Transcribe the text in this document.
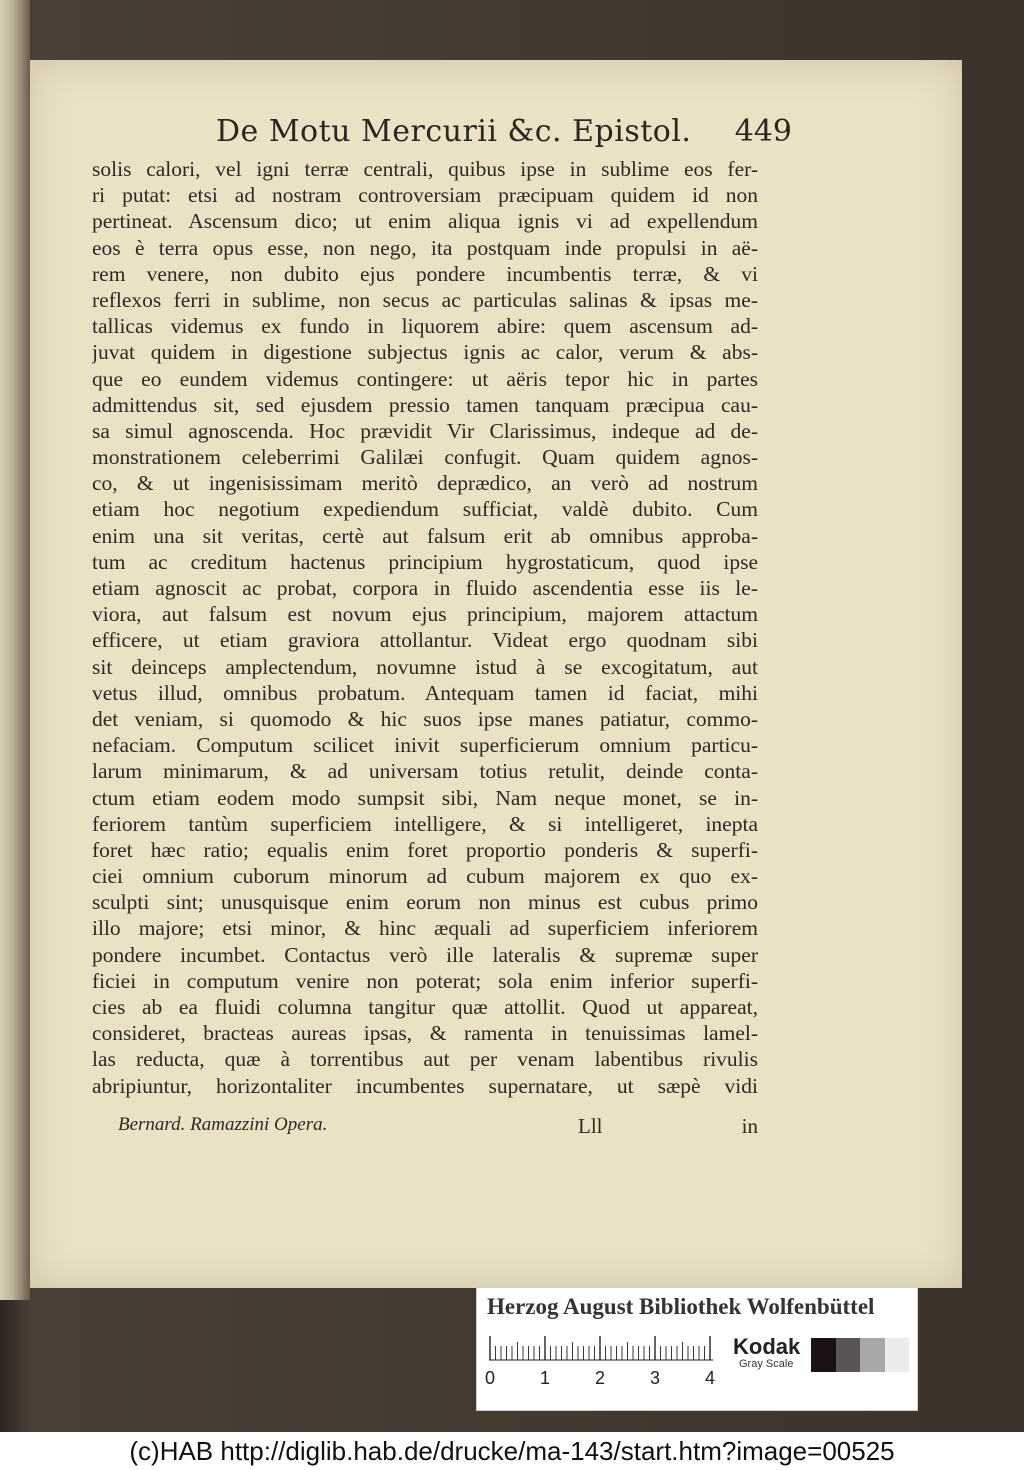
De Motu Mercurii &c. Epistol. 449
solis calori, vel igni terræ centrali, quibus ipse in sublime eos fer-
ri putat: etsi ad nostram controversiam præcipuam quidem id non
pertineat. Ascensum dico; ut enim aliqua ignis vi ad expellendum
eos è terra opus esse, non nego, ita postquam inde propulsi in aë-
rem venere, non dubito ejus pondere incumbentis terræ, & vi
reflexos ferri in sublime, non secus ac particulas salinas & ipsas me-
tallicas videmus ex fundo in liquorem abire: quem ascensum ad-
juvat quidem in digestione subjectus ignis ac calor, verum & abs-
que eo eundem videmus contingere: ut aëris tepor hic in partes
admittendus sit, sed ejusdem pressio tamen tanquam præcipua cau-
sa simul agnoscenda. Hoc prævidit Vir Clarissimus, indeque ad de-
monstrationem celeberrimi Galilæi confugit. Quam quidem agnos-
co, & ut ingenisissimam meritò deprædico, an verò ad nostrum
etiam hoc negotium expediendum sufficiat, valdè dubito. Cum
enim una sit veritas, certè aut falsum erit ab omnibus approba-
tum ac creditum hactenus principium hygrostaticum, quod ipse
etiam agnoscit ac probat, corpora in fluido ascendentia esse iis le-
viora, aut falsum est novum ejus principium, majorem attactum
efficere, ut etiam graviora attollantur. Videat ergo quodnam sibi
sit deinceps amplectendum, novumne istud à se excogitatum, aut
vetus illud, omnibus probatum. Antequam tamen id faciat, mihi
det veniam, si quomodo & hic suos ipse manes patiatur, commo-
nefaciam. Computum scilicet inivit superficierum omnium particu-
larum minimarum, & ad universam totius retulit, deinde conta-
ctum etiam eodem modo sumpsit sibi, Nam neque monet, se in-
feriorem tantùm superficiem intelligere, & si intelligeret, inepta
foret hæc ratio; equalis enim foret proportio ponderis & superfi-
ciei omnium cuborum minorum ad cubum majorem ex quo ex-
sculpti sint; unusquisque enim eorum non minus est cubus primo
illo majore; etsi minor, & hinc æquali ad superficiem inferiorem
pondere incumbet. Contactus verò ille lateralis & supremæ super
ficiei in computum venire non poterat; sola enim inferior superfi-
cies ab ea fluidi columna tangitur quæ attollit. Quod ut appareat,
consideret, bracteas aureas ipsas, & ramenta in tenuissimas lamel-
las reducta, quæ à torrentibus aut per venam labentibus rivulis
abripiuntur, horizontaliter incumbentes supernatare, ut sæpè vidi
Bernard. Ramazzini Opera.	Lll	in
Herzog August Bibliothek Wolfenbüttel
0 1 2 3 4
Kodak
Gray Scale
(c)HAB http://diglib.hab.de/drucke/ma-143/start.htm?image=00525
